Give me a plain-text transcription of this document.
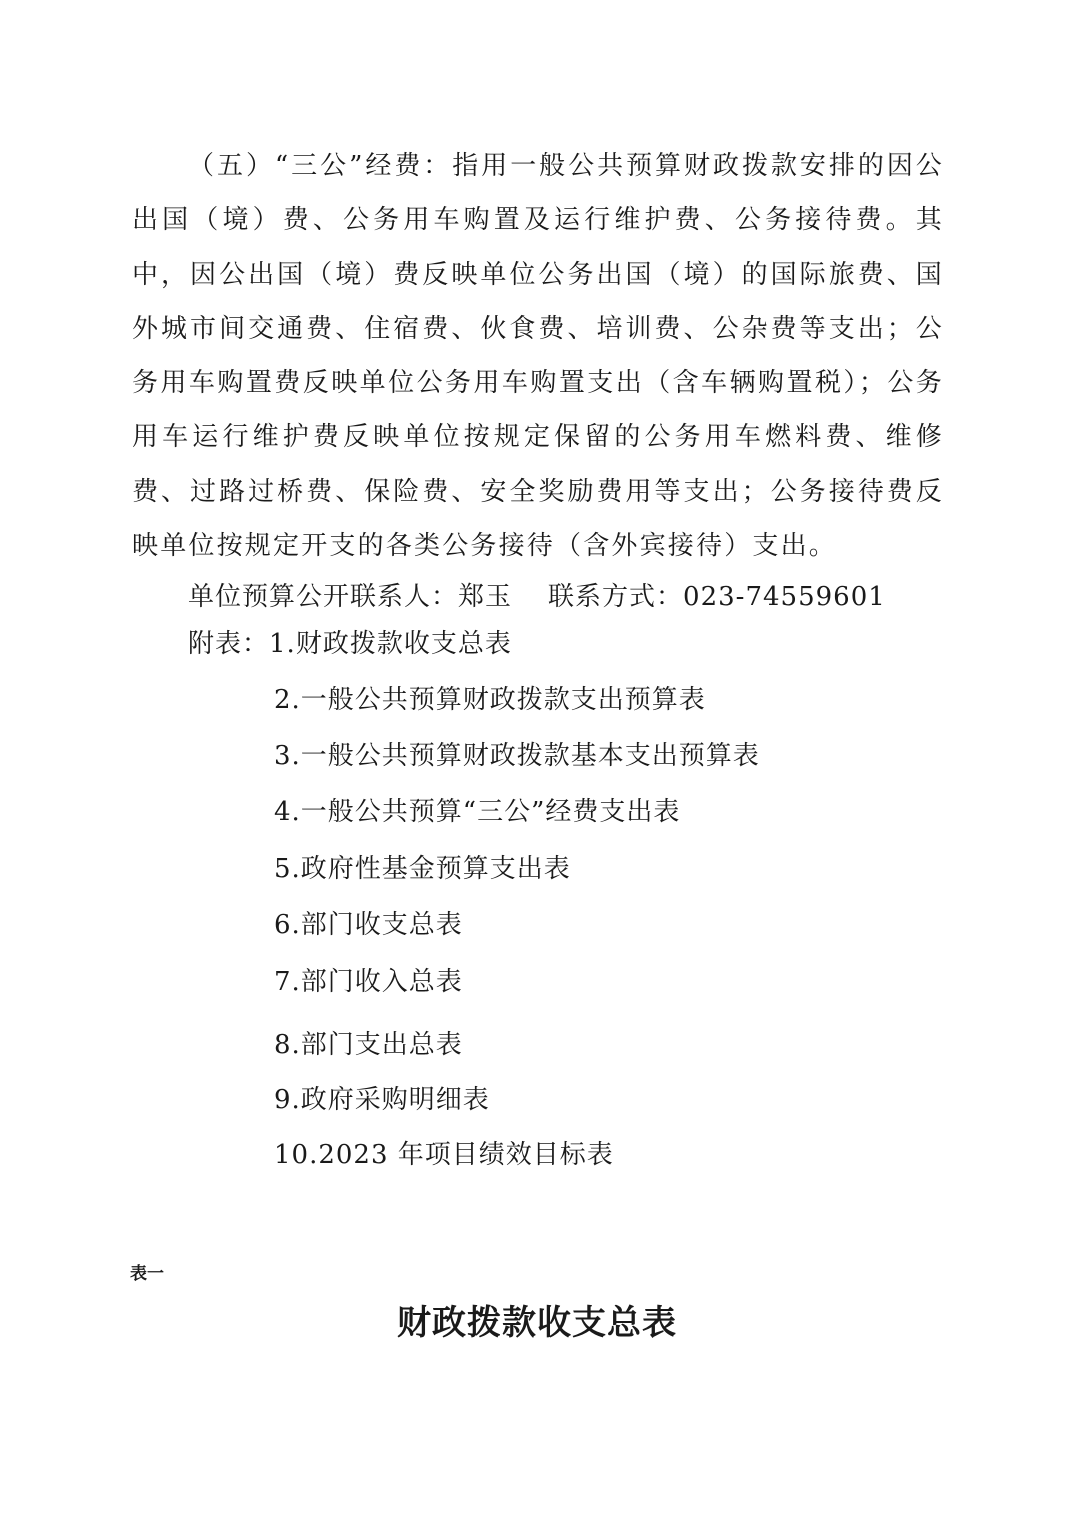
（五）“三公”经费：指用一般公共预算财政拨款安排的因公出国（境）费、公务用车购置及运行维护费、公务接待费。其中，因公出国（境）费反映单位公务出国（境）的国际旅费、国外城市间交通费、住宿费、伙食费、培训费、公杂费等支出；公务用车购置费反映单位公务用车购置支出（含车辆购置税）；公务用车运行维护费反映单位按规定保留的公务用车燃料费、维修费、过路过桥费、保险费、安全奖励费用等支出；公务接待费反映单位按规定开支的各类公务接待（含外宾接待）支出。

单位预算公开联系人：郑玉 联系方式：023-74559601
附表：1.财政拨款收支总表
2.一般公共预算财政拨款支出预算表
3.一般公共预算财政拨款基本支出预算表
4.一般公共预算“三公”经费支出表
5.政府性基金预算支出表
6.部门收支总表
7.部门收入总表
8.部门支出总表
9.政府采购明细表
10.2023 年项目绩效目标表
表一
财政拨款收支总表
